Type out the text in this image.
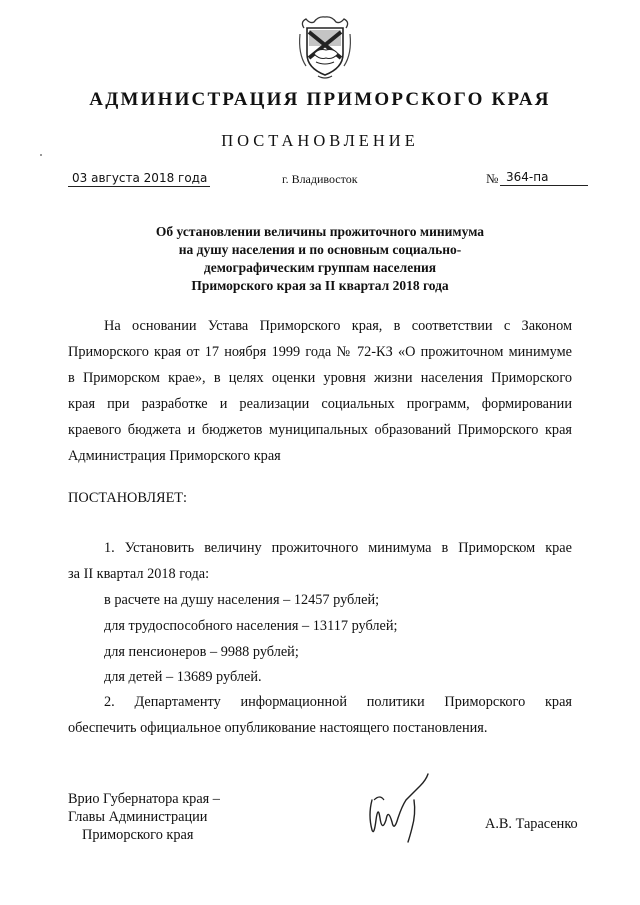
АДМИНИСТРАЦИЯ ПРИМОРСКОГО КРАЯ
ПОСТАНОВЛЕНИЕ
03 августа 2018 года	г. Владивосток	№ 364-па
Об установлении величины прожиточного минимума
на душу населения и по основным социально-
демографическим группам населения
Приморского края за II квартал 2018 года
На основании Устава Приморского края, в соответствии с Законом
Приморского края от 17 ноября 1999 года № 72-КЗ «О прожиточном минимуме
в Приморском крае», в целях оценки уровня жизни населения Приморского
края при разработке и реализации социальных программ, формировании
краевого бюджета и бюджетов муниципальных образований Приморского края
Администрация Приморского края
ПОСТАНОВЛЯЕТ:
1. Установить величину прожиточного минимума в Приморском крае
за II квартал 2018 года:
в расчете на душу населения – 12457 рублей;
для трудоспособного населения – 13117 рублей;
для пенсионеров – 9988 рублей;
для детей – 13689 рублей.
2. Департаменту информационной политики Приморского края
обеспечить официальное опубликование настоящего постановления.
Врио Губернатора края –
Главы Администрации
Приморского края
А.В. Тарасенко
